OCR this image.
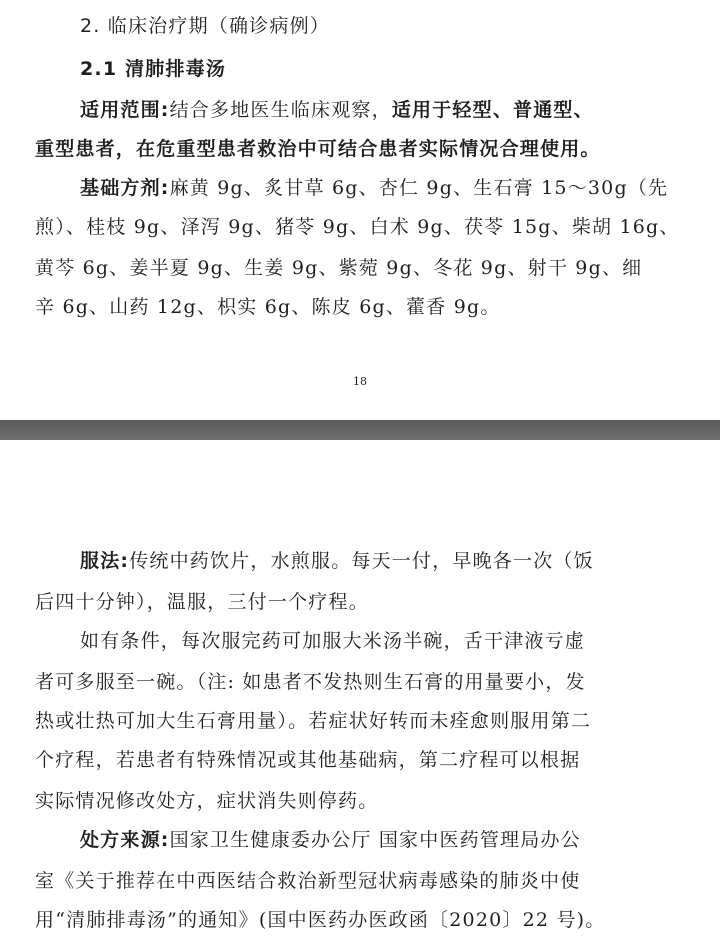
2. 临床治疗期（确诊病例）
2.1 清肺排毒汤
适用范围:结合多地医生临床观察，适用于轻型、普通型、
重型患者，在危重型患者救治中可结合患者实际情况合理使用。
基础方剂:麻黄 9g、炙甘草 6g、杏仁 9g、生石膏 15～30g（先
煎）、桂枝 9g、泽泻 9g、猪苓 9g、白术 9g、茯苓 15g、柴胡 16g、
黄芩 6g、姜半夏 9g、生姜 9g、紫菀 9g、冬花 9g、射干 9g、细
辛 6g、山药 12g、枳实 6g、陈皮 6g、藿香 9g。
18
服法:传统中药饮片，水煎服。每天一付，早晚各一次（饭
后四十分钟），温服，三付一个疗程。
如有条件，每次服完药可加服大米汤半碗，舌干津液亏虚
者可多服至一碗。（注: 如患者不发热则生石膏的用量要小，发
热或壮热可加大生石膏用量）。若症状好转而未痊愈则服用第二
个疗程，若患者有特殊情况或其他基础病，第二疗程可以根据
实际情况修改处方，症状消失则停药。
处方来源:国家卫生健康委办公厅 国家中医药管理局办公
室《关于推荐在中西医结合救治新型冠状病毒感染的肺炎中使
用“清肺排毒汤”的通知》(国中医药办医政函〔2020〕22 号)。
